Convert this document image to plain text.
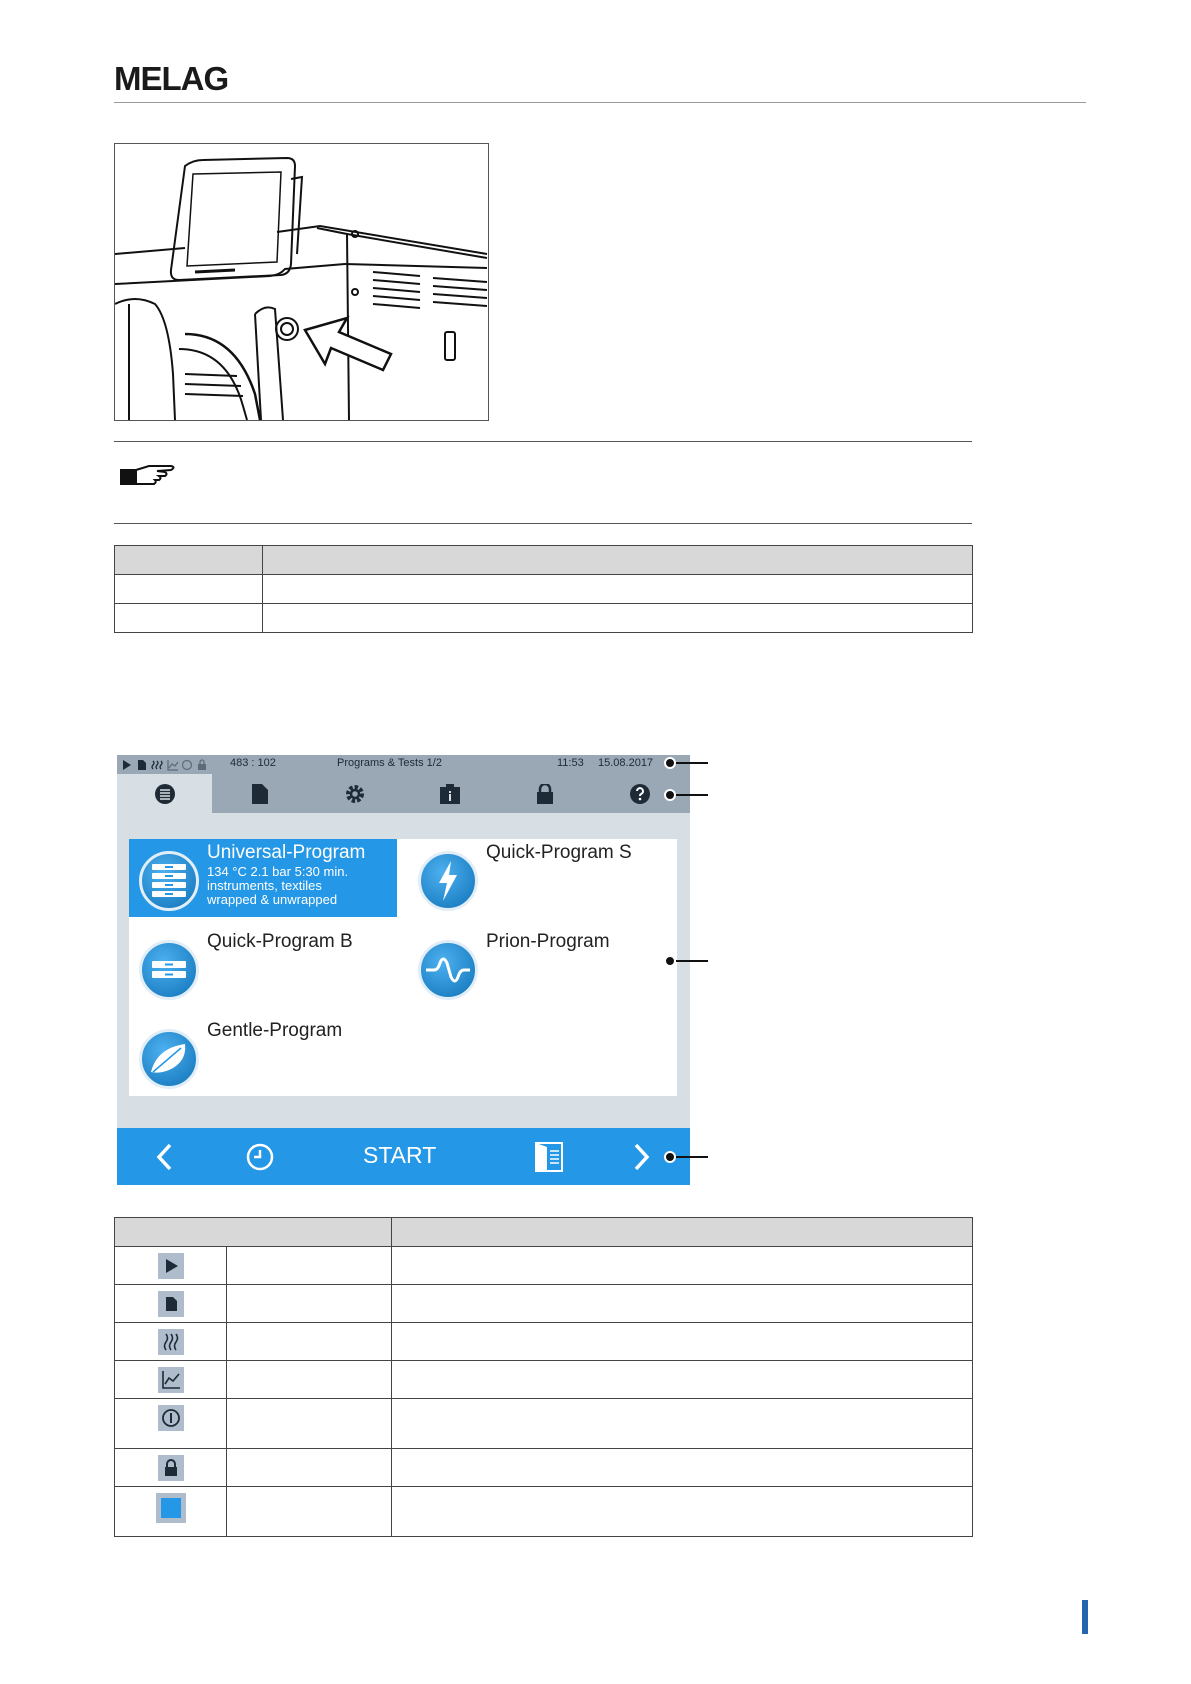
MELAG

483 : 102	Programs & Tests 1/2	11:53 15.08.2017
Universal-Program
134 °C 2.1 bar 5:30 min.
instruments, textiles
wrapped & unwrapped
Quick-Program S
Quick-Program B	Prion-Program
Gentle-Program
START
